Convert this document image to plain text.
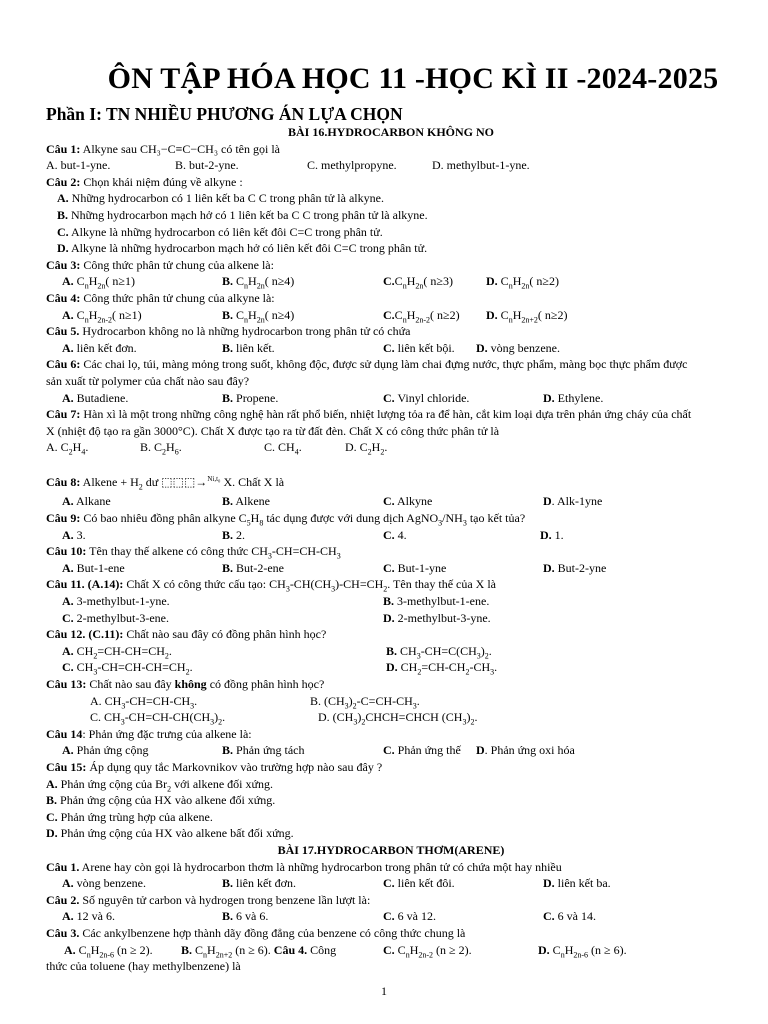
ÔN TẬP HÓA HỌC 11 -HỌC KÌ II -2024-2025
Phần I: TN NHIỀU PHƯƠNG ÁN LỰA CHỌN
BÀI 16.HYDROCARBON KHÔNG NO
Câu 1: Alkyne sau CH₃−C≡C−CH₃ có tên gọi là
A. but-1-yne.	B. but-2-yne.	C. methylpropyne.	D. methylbut-1-yne.
Câu 2: Chọn khái niệm đúng về alkyne :
A. Những hydrocarbon có 1 liên kết ba C C trong phân tử là alkyne.
B. Những hydrocarbon mạch hở có 1 liên kết ba C C trong phân tử là alkyne.
C. Alkyne là những hydrocarbon có liên kết đôi C=C trong phân tử.
D. Alkyne là những hydrocarbon mạch hở có liên kết đôi C=C trong phân tử.
Câu 3: Công thức phân tử chung của alkene là:
A. $C_nH_{2n}$( n≥1)	B. $C_nH_{2n}$( n≥4)	$C.C_nH_{2n}$( n≥3)	D. $C_nH_{2n}$( n≥2)
Câu 4: Công thức phân tử chung của alkyne là:
A. $C_nH_{2n-2}$( n≥1)	B. $C_nH_{2n}$( n≥4)	$C.C_nH_{2n-2}$( n≥2) D. $C_nH_{2n+2}$( n≥2)
Câu 5. Hydrocarbon không no là những hydrocarbon trong phân tử có chứa
A. liên kết đơn.	B. liên kết.	C. liên kết bội. D. vòng benzene.
Câu 6: Các chai lọ, túi, màng mỏng trong suốt, không độc, được sử dụng làm chai đựng nước, thực phẩm, màng bọc thực phẩm được
sản xuất từ polymer của chất nào sau đây?
A. Butadiene.	B. Propene.	C. Vinyl chloride.	D. Ethylene.
Câu 7: Hàn xì là một trong những công nghệ hàn rất phổ biến, nhiệt lượng tỏa ra để hàn, cắt kim loại dựa trên phản ứng cháy của chất
X (nhiệt độ tạo ra gần 3000°C). Chất X được tạo ra từ đất đèn. Chất X có công thức phân tử là
A. $C_2H_4$.	B. $C_2H_6$.	C. $CH_4$.	D. $C_2H_2$.
Câu 8: Alkene + $H_2$ dư ⬚⬚⬚→$^{Ni,t_0}$ X. Chất X là
A. Alkane	B. Alkene	C. Alkyne	D. Alk-1yne
Câu 9: Có bao nhiêu đồng phân alkyne $C_5H_8$ tác dụng được với dung dịch $AgNO_3/NH_3$ tạo kết tủa?
A. 3.	B. 2.	C. 4.	D. 1.
Câu 10: Tên thay thế alkene có công thức $CH_3-CH=CH-CH_3$
A. But-1-ene	B. But-2-ene	C. But-1-yne	D. But-2-yne
Câu 11. (A.14): Chất X có công thức cấu tạo: $CH_3-CH(CH_3)-CH=CH_2$. Tên thay thế của X là
A. 3-methylbut-1-yne.	B. 3-methylbut-1-ene.
C. 2-methylbut-3-ene.	D. 2-methylbut-3-yne.
Câu 12. (C.11): Chất nào sau đây có đồng phân hình học?
A. $CH_2=CH-CH=CH_2$.	B. $CH_3-CH=C(CH_3)_2$.
C. $CH_3-CH=CH-CH=CH_2$.	D. $CH_2=CH-CH_2-CH_3$.
Câu 13: Chất nào sau đây không có đồng phân hình học?
A. $CH_3-CH=CH-CH_3$.	B. $(CH_3)_2-C=CH-CH_3$.
C. $CH_3-CH=CH-CH(CH_3)_2$.	D. $(CH_3)_2CHCH=CHCH$ $(CH_3)_2$.
Câu 14: Phản ứng đặc trưng của alkene là:
A. Phản ứng cộng	B. Phản ứng tách	C. Phản ứng thế D. Phản ứng oxi hóa
Câu 15: Áp dụng quy tắc Markovnikov vào trường hợp nào sau đây ?
A. Phản ứng cộng của $Br_2$ với alkene đối xứng.
B. Phản ứng cộng của HX vào alkene đối xứng.
C. Phản ứng trùng hợp của alkene.
D. Phản ứng cộng của HX vào alkene bất đối xứng.
BÀI 17.HYDROCARBON THƠM(ARENE)
Câu 1. Arene hay còn gọi là hydrocarbon thơm là những hydrocarbon trong phân tử có chứa một hay nhiều
A. vòng benzene.	B. liên kết đơn.	C. liên kết đôi.	D. liên kết ba.
Câu 2. Số nguyên tử carbon và hydrogen trong benzene lần lượt là:
A. 12 và 6.	B. 6 và 6.	C. 6 và 12.	C. 6 và 14.
Câu 3. Các ankylbenzene hợp thành dãy đồng đẳng của benzene có công thức chung là
A. $C_nH_{2n-6}$ (n ≥ 2). B. $C_nH_{2n+2}$ (n ≥ 6). Câu 4. Công	C. $C_nH_{2n-2}$ (n ≥ 2).	D. $C_nH_{2n-6}$ (n ≥ 6).
thức của toluene (hay methylbenzene) là
1
